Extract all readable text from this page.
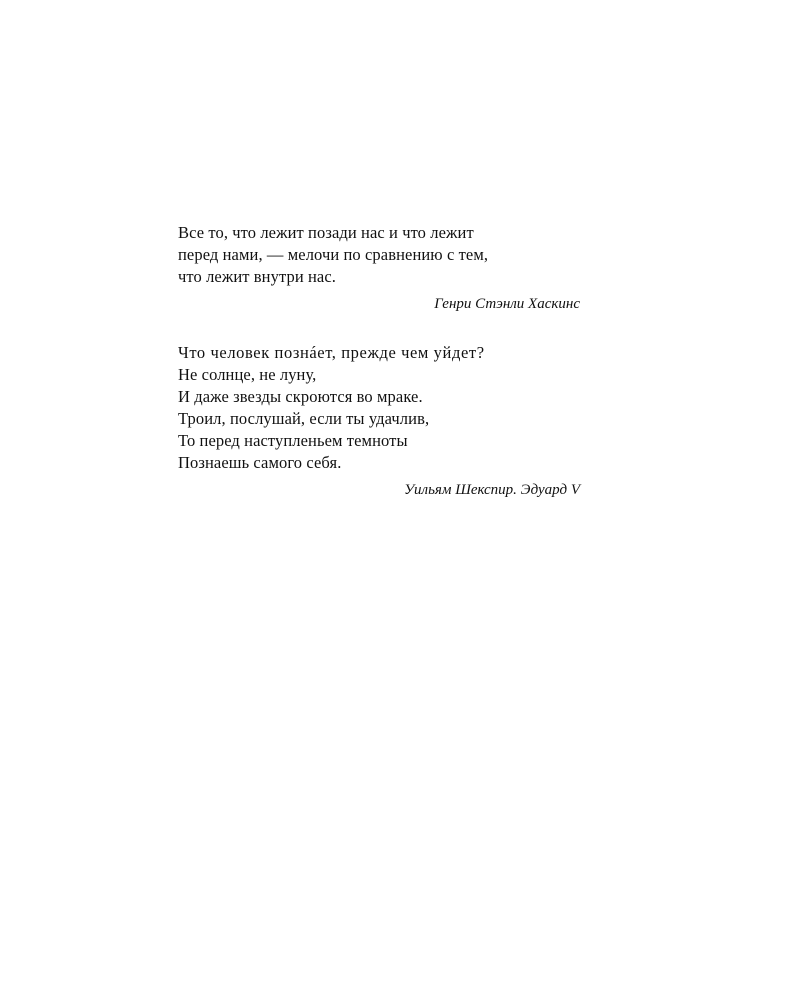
Все то, что лежит позади нас и что лежит
перед нами, — мелочи по сравнению с тем,
что лежит внутри нас.

Генри Стэнли Хаскинс

Что человек познáет, прежде чем уйдет?
Не солнце, не луну,
И даже звезды скроются во мраке.
Троил, послушай, если ты удачлив,
То перед наступленьем темноты
Познаешь самого себя.

Уильям Шекспир. Эдуард V
